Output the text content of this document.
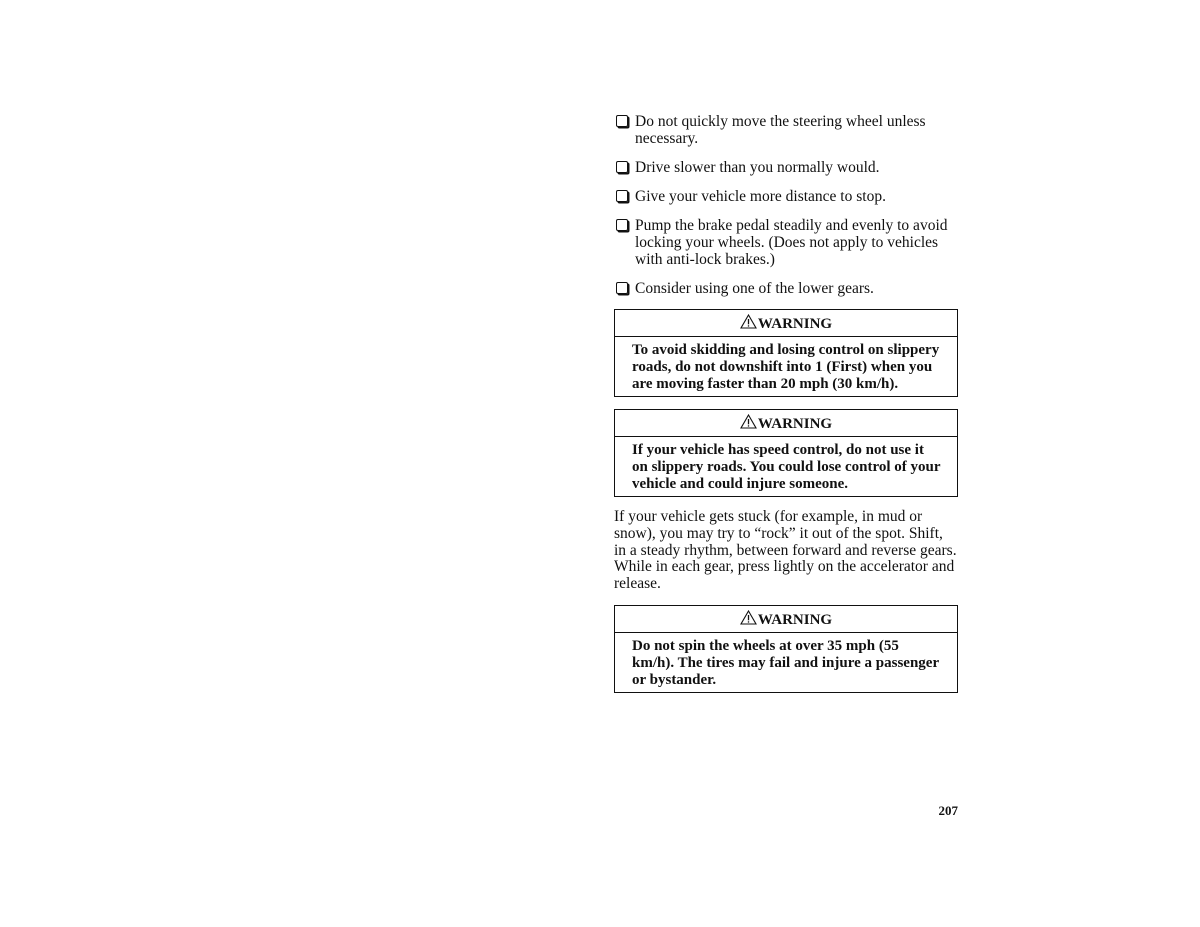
Do not quickly move the steering wheel unless necessary.
Drive slower than you normally would.
Give your vehicle more distance to stop.
Pump the brake pedal steadily and evenly to avoid locking your wheels. (Does not apply to vehicles with anti-lock brakes.)
Consider using one of the lower gears.
WARNING
To avoid skidding and losing control on slippery roads, do not downshift into 1 (First) when you are moving faster than 20 mph (30 km/h).
WARNING
If your vehicle has speed control, do not use it on slippery roads. You could lose control of your vehicle and could injure someone.

If your vehicle gets stuck (for example, in mud or snow), you may try to “rock” it out of the spot. Shift, in a steady rhythm, between forward and reverse gears. While in each gear, press lightly on the accelerator and release.

WARNING
Do not spin the wheels at over 35 mph (55 km/h). The tires may fail and injure a passenger or bystander.
207
